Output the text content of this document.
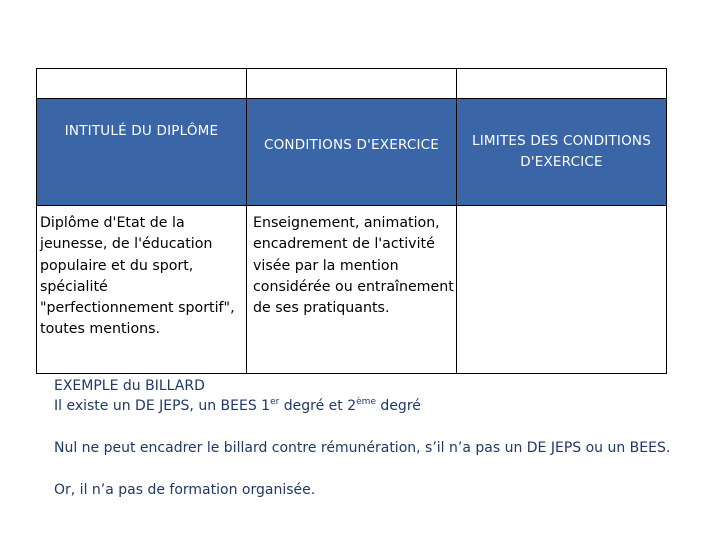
INTITULÉ DU DIPLÔME	CONDITIONS D'EXERCICE	LIMITES DES CONDITIONS D'EXERCICE
Diplôme d'Etat de la jeunesse, de l'éducation populaire et du sport, spécialité "perfectionnement sportif", toutes mentions.	Enseignement, animation, encadrement de l'activité visée par la mention considérée ou entraînement de ses pratiquants.	

EXEMPLE du BILLARD

Il existe un DE JEPS, un BEES 1er degré et 2ème degré

Nul ne peut encadrer le billard contre rémunération, s’il n’a pas un DE JEPS ou un BEES.

Or, il n’a pas de formation organisée.
